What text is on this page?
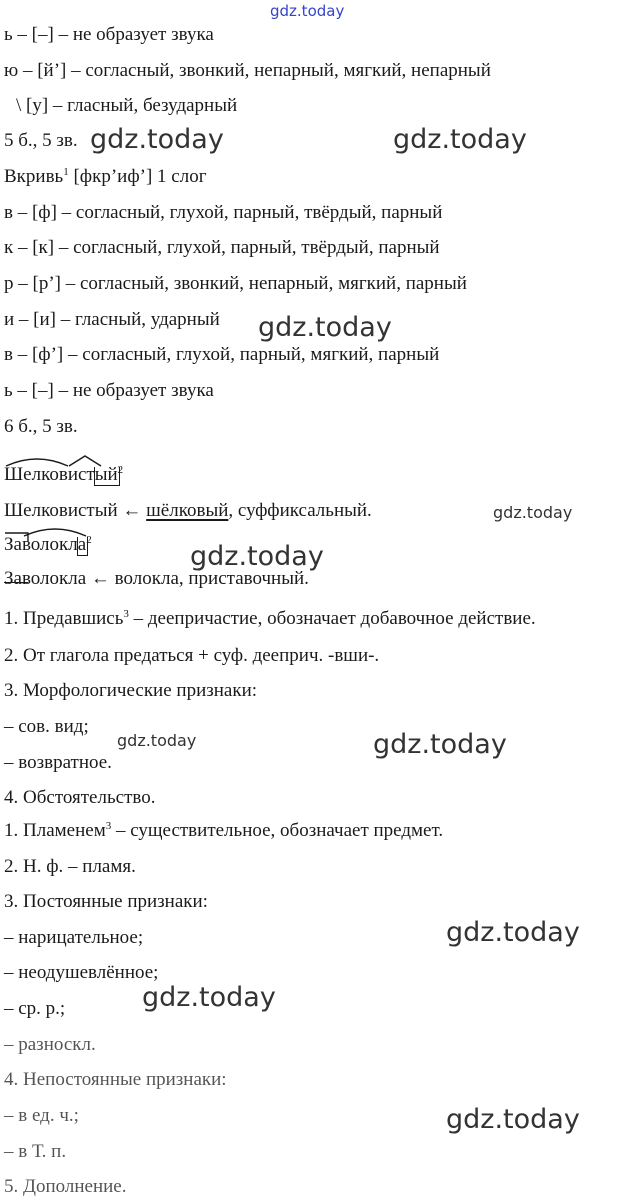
gdz.today
gdz.today	gdz.today
gdz.today
gdz.today
gdz.today
gdz.today	gdz.today
gdz.today
gdz.today
gdz.today
ь – [–] – не образует звука
ю – [й’] – согласный, звонкий, непарный, мягкий, непарный
\ [у] – гласный, безударный
5 б., 5 зв.
Вкривь$^1$ [фкр’иф’] 1 слог
в – [ф] – согласный, глухой, парный, твёрдый, парный
к – [к] – согласный, глухой, парный, твёрдый, парный
р – [р’] – согласный, звонкий, непарный, мягкий, парный
и – [и] – гласный, ударный
в – [ф’] – согласный, глухой, парный, мягкий, парный
ь – [–] – не образует звука
6 б., 5 зв.
Шелков
ист
$ый^2$
Шелковистый ← шёлковый, суффиксальный.
За
волокл
$а^2$
Заволокла ← волокла, приставочный.
1. Предавшись$^3$ – деепричастие, обозначает добавочное действие.
2. От глагола предаться + суф. дееприч. -вши-.
3. Морфологические признаки:
– сов. вид;
– возвратное.
4. Обстоятельство.
1. Пламенем$^3$ – существительное, обозначает предмет.
2. Н. ф. – пламя.
3. Постоянные признаки:
– нарицательное;
– неодушевлённое;
– ср. р.;
– разноскл.
4. Непостоянные признаки:
– в ед. ч.;
– в Т. п.
5. Дополнение.
